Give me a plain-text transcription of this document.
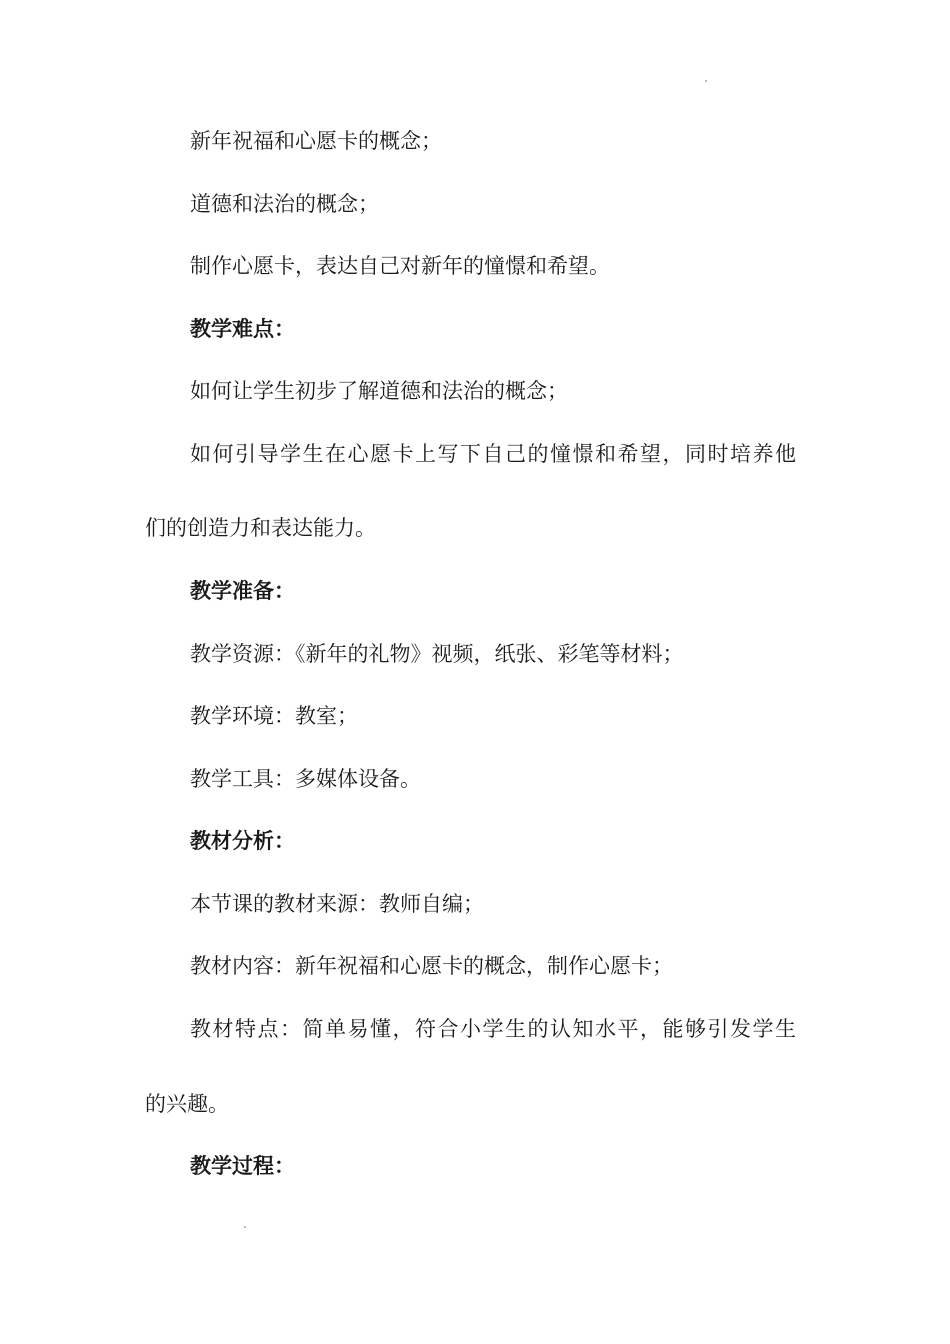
新年祝福和心愿卡的概念；
道德和法治的概念；
制作心愿卡，表达自己对新年的憧憬和希望。
教学难点：
如何让学生初步了解道德和法治的概念；
如何引导学生在心愿卡上写下自己的憧憬和希望，同时培养他
们的创造力和表达能力。
教学准备：
教学资源：《新年的礼物》视频，纸张、彩笔等材料；
教学环境：教室；
教学工具：多媒体设备。
教材分析：
本节课的教材来源：教师自编；
教材内容：新年祝福和心愿卡的概念，制作心愿卡；
教材特点：简单易懂，符合小学生的认知水平，能够引发学生
的兴趣。
教学过程：
